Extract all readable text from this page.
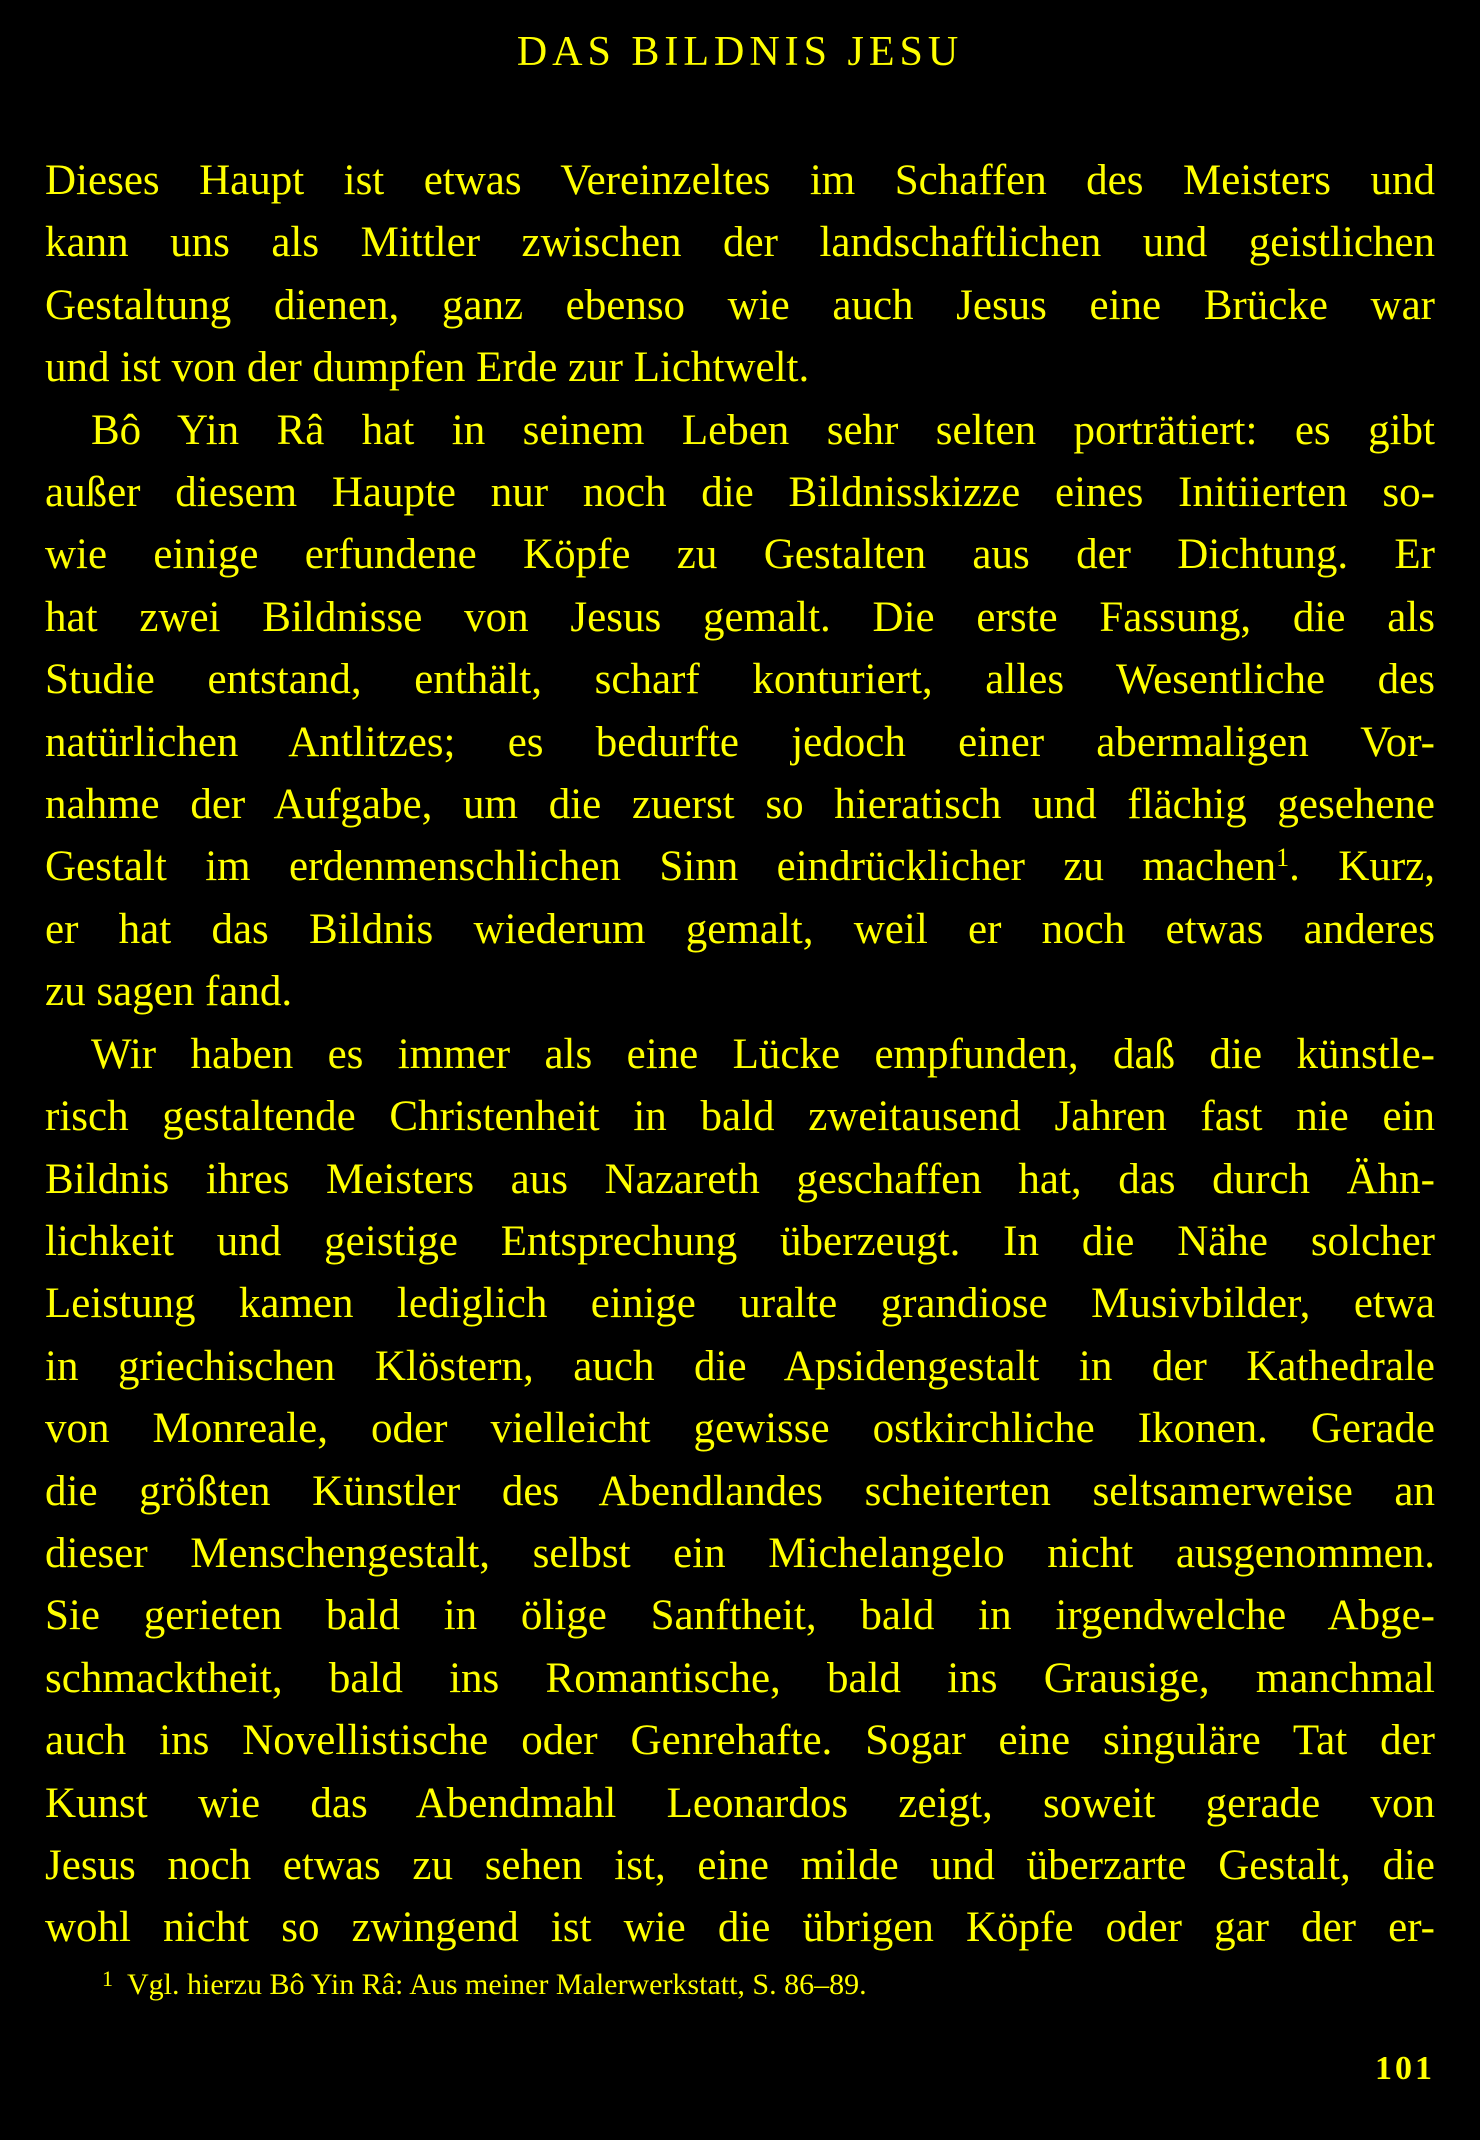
DAS BILDNIS JESU
Dieses Haupt ist etwas Vereinzeltes im Schaffen des Meisters und
kann uns als Mittler zwischen der landschaftlichen und geistlichen
Gestaltung dienen, ganz ebenso wie auch Jesus eine Brücke war
und ist von der dumpfen Erde zur Lichtwelt.
Bô Yin Râ hat in seinem Leben sehr selten porträtiert: es gibt
außer diesem Haupte nur noch die Bildnisskizze eines Initiierten so-
wie einige erfundene Köpfe zu Gestalten aus der Dichtung. Er
hat zwei Bildnisse von Jesus gemalt. Die erste Fassung, die als
Studie entstand, enthält, scharf konturiert, alles Wesentliche des
natürlichen Antlitzes; es bedurfte jedoch einer abermaligen Vor-
nahme der Aufgabe, um die zuerst so hieratisch und flächig gesehene
Gestalt im erdenmenschlichen Sinn eindrücklicher zu machen$^1$. Kurz,
er hat das Bildnis wiederum gemalt, weil er noch etwas anderes
zu sagen fand.
Wir haben es immer als eine Lücke empfunden, daß die künstle-
risch gestaltende Christenheit in bald zweitausend Jahren fast nie ein
Bildnis ihres Meisters aus Nazareth geschaffen hat, das durch Ähn-
lichkeit und geistige Entsprechung überzeugt. In die Nähe solcher
Leistung kamen lediglich einige uralte grandiose Musivbilder, etwa
in griechischen Klöstern, auch die Apsidengestalt in der Kathedrale
von Monreale, oder vielleicht gewisse ostkirchliche Ikonen. Gerade
die größten Künstler des Abendlandes scheiterten seltsamerweise an
dieser Menschengestalt, selbst ein Michelangelo nicht ausgenommen.
Sie gerieten bald in ölige Sanftheit, bald in irgendwelche Abge-
schmacktheit, bald ins Romantische, bald ins Grausige, manchmal
auch ins Novellistische oder Genrehafte. Sogar eine singuläre Tat der
Kunst wie das Abendmahl Leonardos zeigt, soweit gerade von
Jesus noch etwas zu sehen ist, eine milde und überzarte Gestalt, die
wohl nicht so zwingend ist wie die übrigen Köpfe oder gar der er-
$^1$ Vgl. hierzu Bô Yin Râ: Aus meiner Malerwerkstatt, S. 86–89.
101
